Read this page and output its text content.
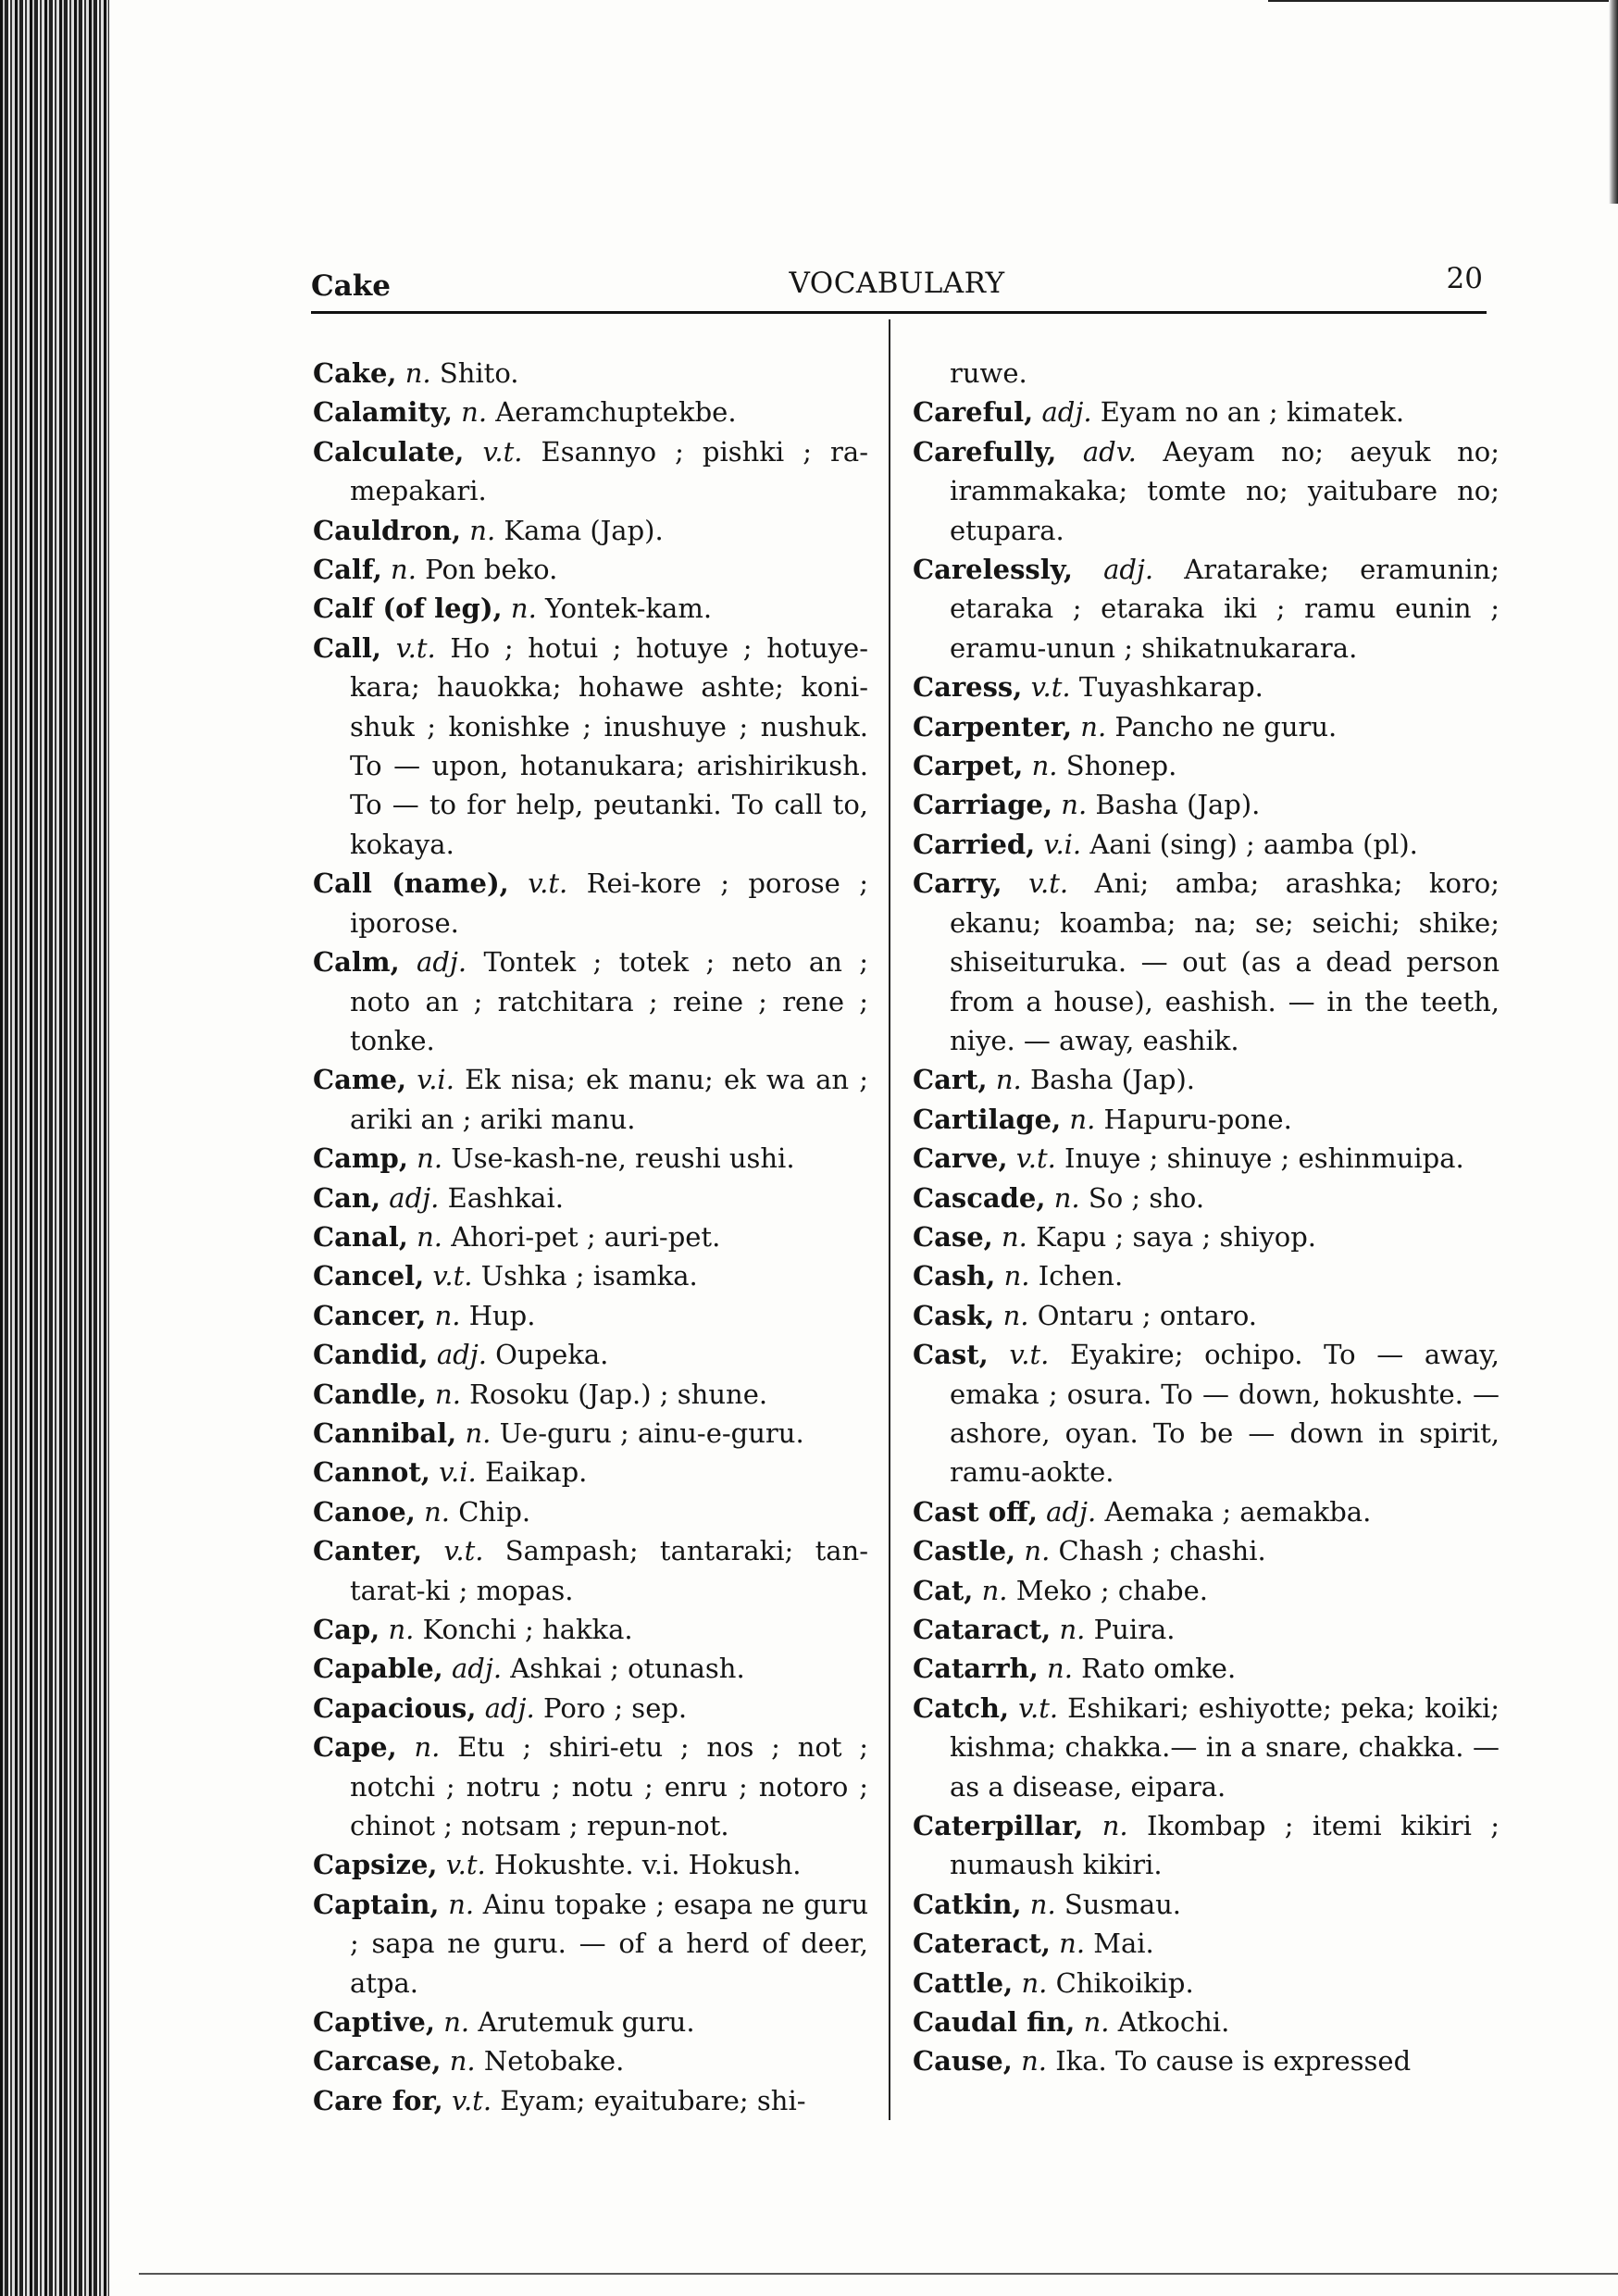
Cake	VOCABULARY	20

Cake, n. Shito.

Calamity, n. Aeramchuptekbe.

Calculate, v.t. Esannyo ; pishki ; ramepakari.

Cauldron, n. Kama (Jap).

Calf, n. Pon beko.

Calf (of leg), n. Yontek-kam.

Call, v.t. Ho ; hotui ; hotuye ; hotuyekara; hauokka; hohawe ashte; konishuk ; konishke ; inushuye ; nushuk. To — upon, hotanukara; arishirikush. To — to for help, peutanki. To call to, kokaya.

Call (name), v.t. Rei-kore ; porose ; iporose.

Calm, adj. Tontek ; totek ; neto an ; noto an ; ratchitara ; reine ; rene ; tonke.

Came, v.i. Ek nisa; ek manu; ek wa an ; ariki an ; ariki manu.

Camp, n. Use-kash-ne, reushi ushi.

Can, adj. Eashkai.

Canal, n. Ahori-pet ; auri-pet.

Cancel, v.t. Ushka ; isamka.

Cancer, n. Hup.

Candid, adj. Oupeka.

Candle, n. Rosoku (Jap.) ; shune.

Cannibal, n. Ue-guru ; ainu-e-guru.

Cannot, v.i. Eaikap.

Canoe, n. Chip.

Canter, v.t. Sampash; tantaraki; tantarat-ki ; mopas.

Cap, n. Konchi ; hakka.

Capable, adj. Ashkai ; otunash.

Capacious, adj. Poro ; sep.

Cape, n. Etu ; shiri-etu ; nos ; not ; notchi ; notru ; notu ; enru ; notoro ; chinot ; notsam ; repun-not.

Capsize, v.t. Hokushte. v.i. Hokush.

Captain, n. Ainu topake ; esapa ne guru ; sapa ne guru. — of a herd of deer, atpa.

Captive, n. Arutemuk guru.

Carcase, n. Netobake.

Care for, v.t. Eyam; eyaitubare; shi-

ruwe.

Careful, adj. Eyam no an ; kimatek.

Carefully, adv. Aeyam no; aeyuk no; irammakaka; tomte no; yaitubare no; etupara.

Carelessly, adj. Aratarake; eramunin; etaraka ; etaraka iki ; ramu eunin ; eramu-unun ; shikatnukarara.

Caress, v.t. Tuyashkarap.

Carpenter, n. Pancho ne guru.

Carpet, n. Shonep.

Carriage, n. Basha (Jap).

Carried, v.i. Aani (sing) ; aamba (pl).

Carry, v.t. Ani; amba; arashka; koro; ekanu; koamba; na; se; seichi; shike; shiseituruka. — out (as a dead person from a house), eashish. — in the teeth, niye. — away, eashik.

Cart, n. Basha (Jap).

Cartilage, n. Hapuru-pone.

Carve, v.t. Inuye ; shinuye ; eshinmuipa.

Cascade, n. So ; sho.

Case, n. Kapu ; saya ; shiyop.

Cash, n. Ichen.

Cask, n. Ontaru ; ontaro.

Cast, v.t. Eyakire; ochipo. To — away, emaka ; osura. To — down, hokushte. — ashore, oyan. To be — down in spirit, ramu-aokte.

Cast off, adj. Aemaka ; aemakba.

Castle, n. Chash ; chashi.

Cat, n. Meko ; chabe.

Cataract, n. Puira.

Catarrh, n. Rato omke.

Catch, v.t. Eshikari; eshiyotte; peka; koiki; kishma; chakka.— in a snare, chakka. — as a disease, eipara.

Caterpillar, n. Ikombap ; itemi kikiri ; numaush kikiri.

Catkin, n. Susmau.

Cateract, n. Mai.

Cattle, n. Chikoikip.

Caudal fin, n. Atkochi.

Cause, n. Ika. To cause is expressed
